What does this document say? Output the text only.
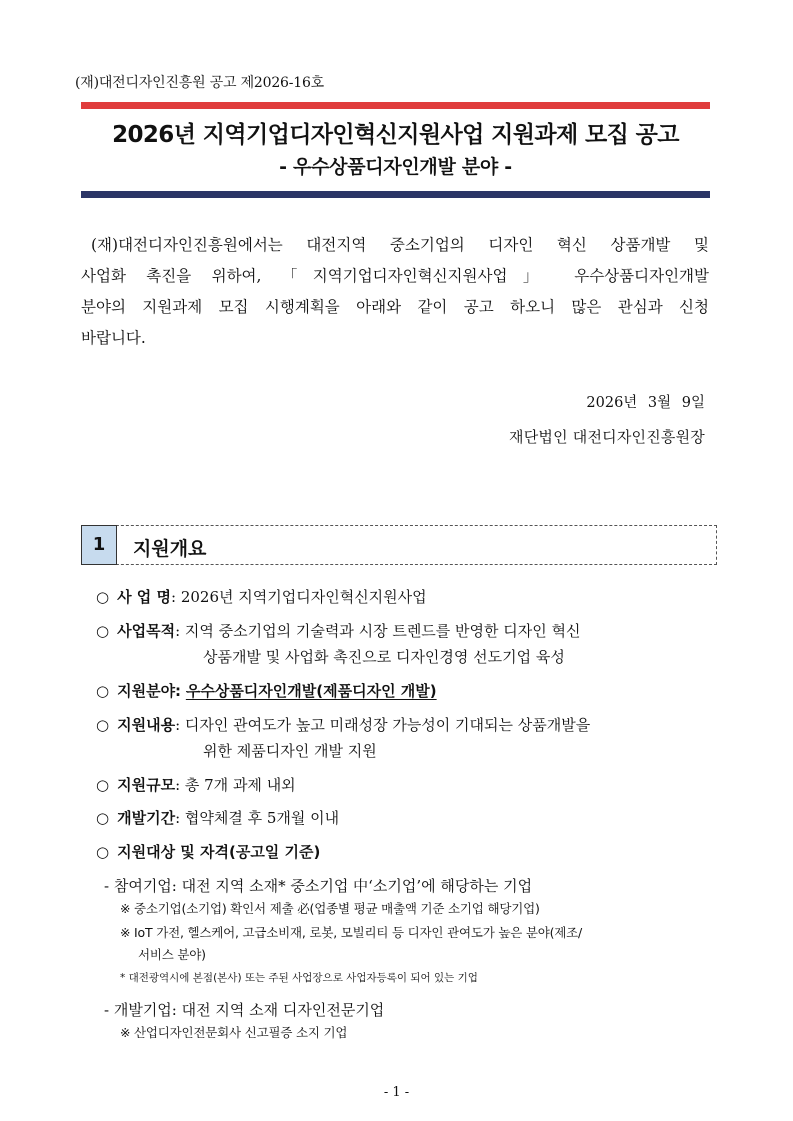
(재)대전디자인진흥원 공고 제2026-16호
2026년 지역기업디자인혁신지원사업 지원과제 모집 공고
- 우수상품디자인개발 분야 -
(재)대전디자인진흥원에서는 대전지역 중소기업의 디자인 혁신 상품개발 및
사업화 촉진을 위하여, 「지역기업디자인혁신지원사업」 우수상품디자인개발
분야의 지원과제 모집 시행계획을 아래와 같이 공고 하오니 많은 관심과 신청
바랍니다.
2026년 3월 9일
재단법인 대전디자인진흥원장
1	지원개요
○ 사 업 명: 2026년 지역기업디자인혁신지원사업
○ 사업목적: 지역 중소기업의 기술력과 시장 트렌드를 반영한 디자인 혁신
상품개발 및 사업화 촉진으로 디자인경영 선도기업 육성
○ 지원분야: 우수상품디자인개발(제품디자인 개발)
○ 지원내용: 디자인 관여도가 높고 미래성장 가능성이 기대되는 상품개발을
위한 제품디자인 개발 지원
○ 지원규모: 총 7개 과제 내외
○ 개발기간: 협약체결 후 5개월 이내
○ 지원대상 및 자격(공고일 기준)
- 참여기업: 대전 지역 소재* 중소기업 中‘소기업’에 해당하는 기업
※ 중소기업(소기업) 확인서 제출 必(업종별 평균 매출액 기준 소기업 해당기업)
※ IoT 가전, 헬스케어, 고급소비재, 로봇, 모빌리티 등 디자인 관여도가 높은 분야(제조/
서비스 분야)
* 대전광역시에 본점(본사) 또는 주된 사업장으로 사업자등록이 되어 있는 기업
- 개발기업: 대전 지역 소재 디자인전문기업
※ 산업디자인전문회사 신고필증 소지 기업
- 1 -
